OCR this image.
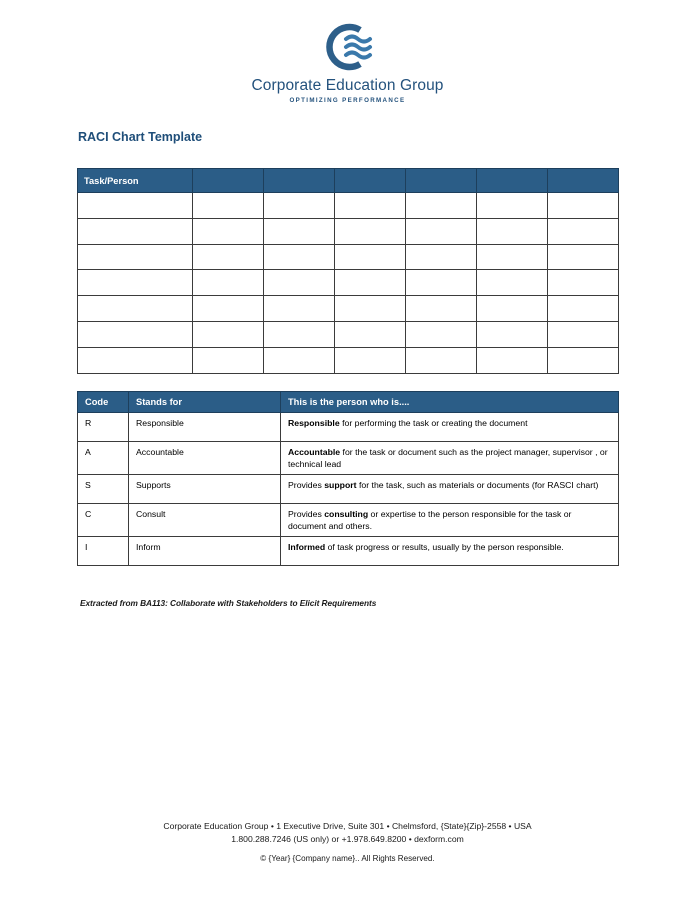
Corporate Education Group
OPTIMIZING PERFORMANCE
RACI Chart Template
Task/Person						

Code	Stands for	This is the person who is....
R	Responsible	Responsible for performing the task or creating the document
A	Accountable	Accountable for the task or document such as the project manager, supervisor , or technical lead
S	Supports	Provides support for the task, such as materials or documents (for RASCI chart)
C	Consult	Provides consulting or expertise to the person responsible for the task or document and others.
I	Inform	Informed of task progress or results, usually by the person responsible.
Extracted from BA113: Collaborate with Stakeholders to Elicit Requirements
Corporate Education Group • 1 Executive Drive, Suite 301 • Chelmsford, {State}{Zip}-2558 • USA
1.800.288.7246 (US only) or +1.978.649.8200 • dexform.com
© {Year} {Company name}.. All Rights Reserved.
